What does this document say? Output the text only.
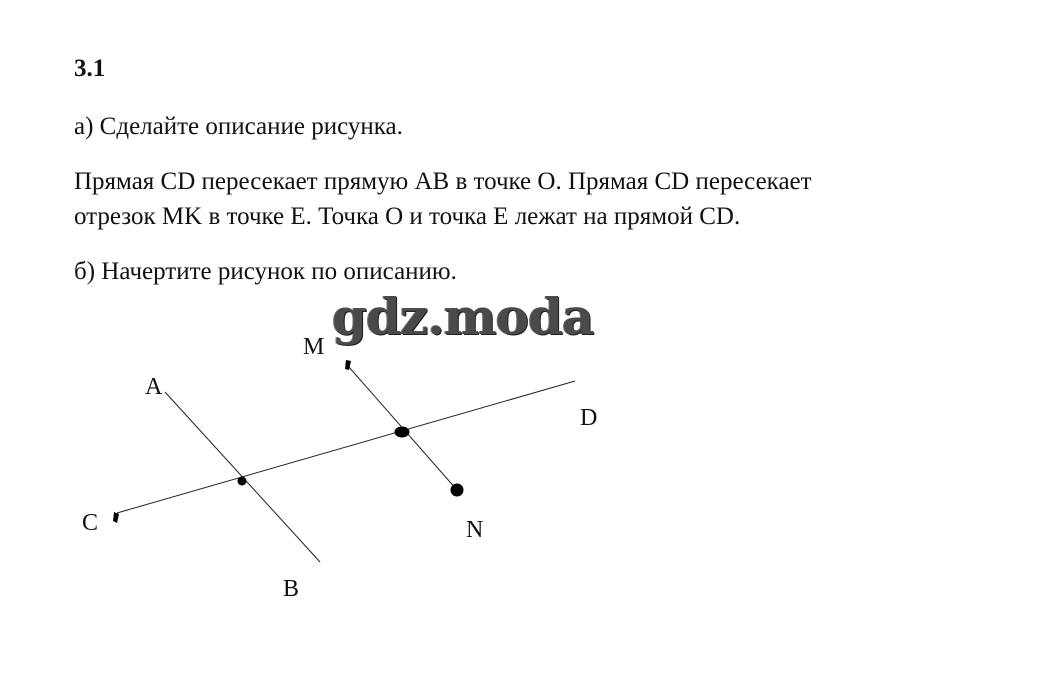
3.1
а) Сделайте описание рисунка.
Прямая CD пересекает прямую AB в точке O. Прямая CD пересекает
отрезок MK в точке E. Точка O и точка E лежат на прямой CD.
б) Начертите рисунок по описанию.
A
B
C
D
M
N
gdz.moda
